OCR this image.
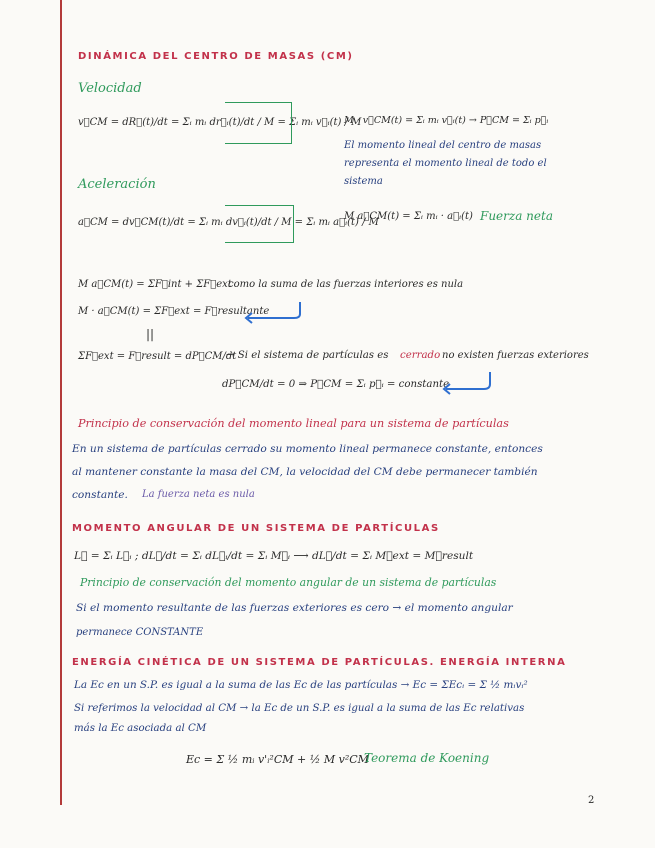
DINÁMICA DEL CENTRO DE MASAS (CM)
Velocidad
v⃗CM = dR⃗(t)/dt = Σᵢ mᵢ dr⃗ᵢ(t)/dt / M = Σᵢ mᵢ v⃗ᵢ(t) / M
M · v⃗CM(t) = Σᵢ mᵢ v⃗ᵢ(t) → P⃗CM = Σᵢ p⃗ᵢ
El momento lineal del centro de masas
representa el momento lineal de todo el
sistema
Aceleración
a⃗CM = dv⃗CM(t)/dt = Σᵢ mᵢ dv⃗ᵢ(t)/dt / M = Σᵢ mᵢ a⃗ᵢ(t) / M
M a⃗CM(t) = Σᵢ mᵢ · a⃗ᵢ(t) Fuerza neta
M a⃗CM(t) = ΣF⃗int + ΣF⃗ext
como la suma de las fuerzas interiores es nula
M · a⃗CM(t) = ΣF⃗ext = F⃗resultante
||
ΣF⃗ext = F⃗result = dP⃗CM/dt
→ Si el sistema de partículas es cerrado no existen fuerzas exteriores
dP⃗CM/dt = 0 ⇒ P⃗CM = Σᵢ p⃗ᵢ = constante
Principio de conservación del momento lineal para un sistema de partículas
En un sistema de partículas cerrado su momento lineal permanece constante, entonces
al mantener constante la masa del CM, la velocidad del CM debe permanecer también
constante. La fuerza neta es nula
MOMENTO ANGULAR DE UN SISTEMA DE PARTÍCULAS
L⃗ = Σᵢ L⃗ᵢ ; dL⃗/dt = Σᵢ dL⃗ᵢ/dt = Σᵢ M⃗ᵢ ⟶ dL⃗/dt = Σᵢ M⃗ext = M⃗result
Principio de conservación del momento angular de un sistema de partículas
Si el momento resultante de las fuerzas exteriores es cero → el momento angular
permanece CONSTANTE
ENERGÍA CINÉTICA DE UN SISTEMA DE PARTÍCULAS. ENERGÍA INTERNA
La Ec en un S.P. es igual a la suma de las Ec de las partículas → Ec = ΣEcᵢ = Σ ½ mᵢvᵢ²
Si referimos la velocidad al CM → la Ec de un S.P. es igual a la suma de las Ec relativas
más la Ec asociada al CM
Ec = Σ ½ mᵢ v'ᵢ²CM + ½ M v²CM
Teorema de Koening
2
